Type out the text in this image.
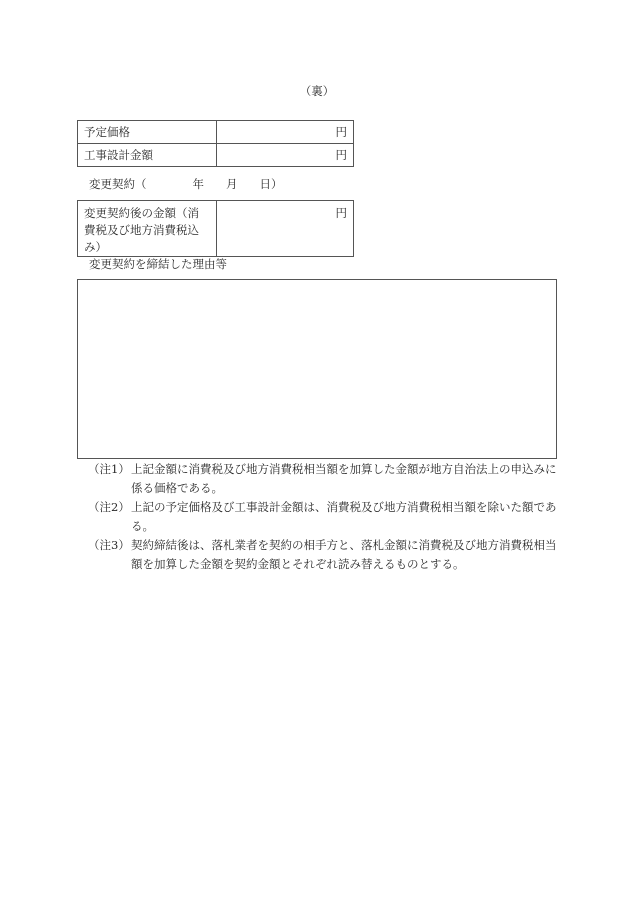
（裏）
予定価格	円
工事設計金額	円
変更契約（	年 月 日）
変更契約後の金額（消費税及び地方消費税込み）	円
変更契約を締結した理由等
（注1） 上記金額に消費税及び地方消費税相当額を加算した金額が地方自治法上の申込みに係る価格である。
（注2） 上記の予定価格及び工事設計金額は、消費税及び地方消費税相当額を除いた額である。
（注3） 契約締結後は、落札業者を契約の相手方と、落札金額に消費税及び地方消費税相当額を加算した金額を契約金額とそれぞれ読み替えるものとする。
